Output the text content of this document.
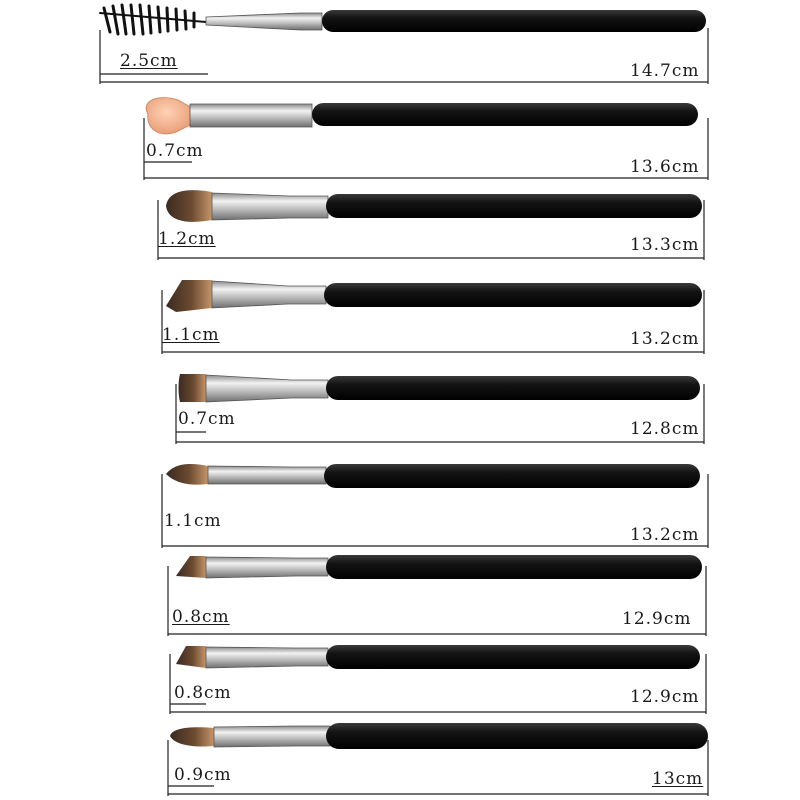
2.5cm
0.7cm
1.2cm
1.1cm
0.7cm
1.1cm
0.8cm
0.8cm
0.9cm
14.7cm
13.6cm
13.3cm
13.2cm
12.8cm
13.2cm
12.9cm
12.9cm
13cm
